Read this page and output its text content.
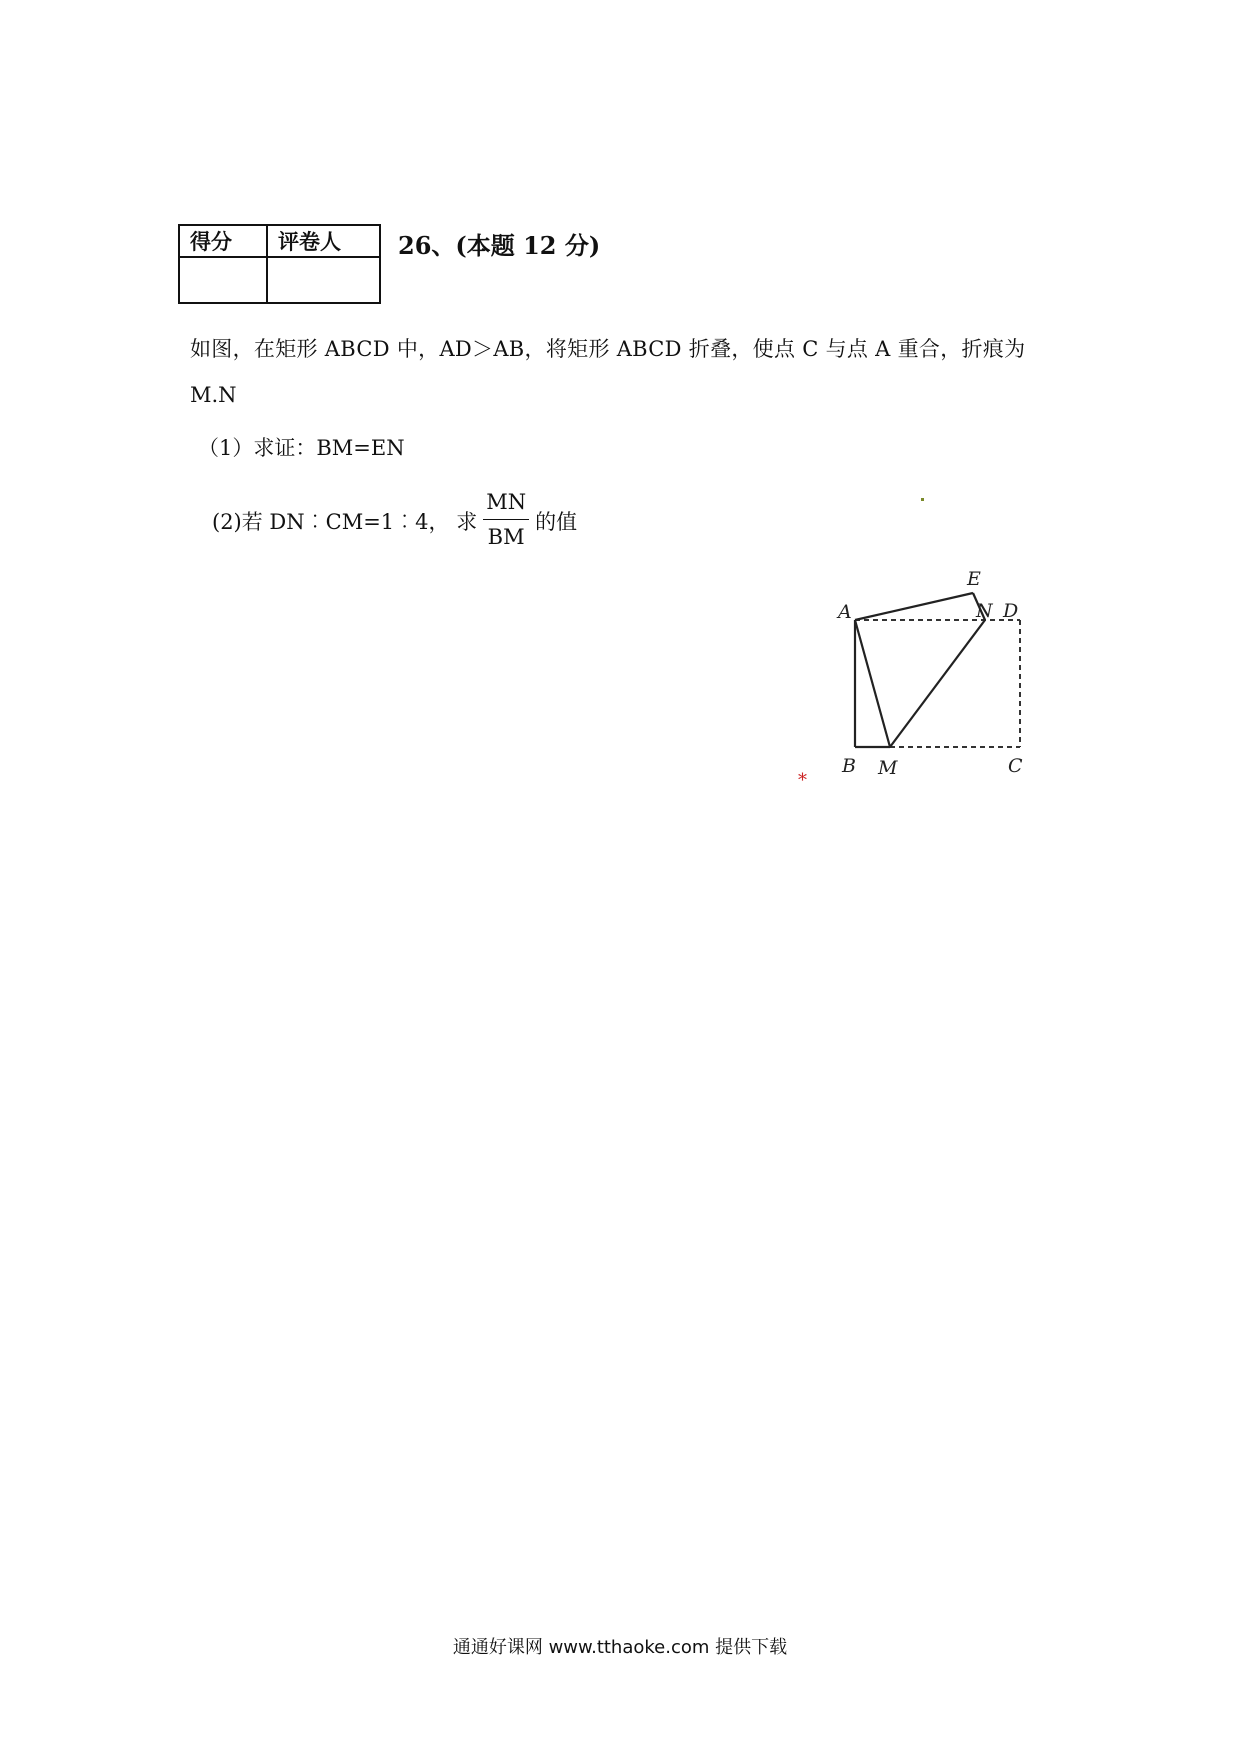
得分	评卷人
	26、(本题 12 分)
如图，在矩形 ABCD 中，AD＞AB，将矩形 ABCD 折叠，使点 C 与点 A 重合，折痕为
M.N
（1）求证：BM=EN
(2)若 DN︰CM=1︰4， 求 $\frac{MN}{BM}$ 的值
A
B M	C
D
N
E
*
通通好课网 www.tthaoke.com 提供下载
